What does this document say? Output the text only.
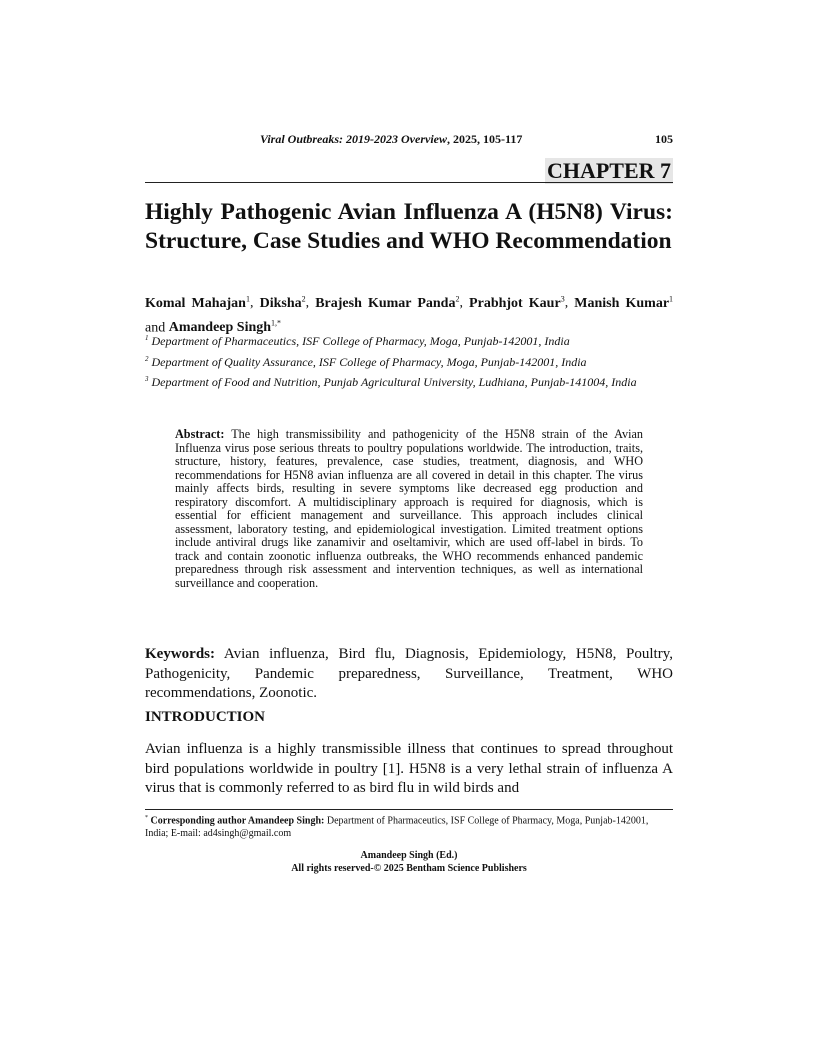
Viral Outbreaks: 2019-2023 Overview, 2025, 105-117	105
CHAPTER 7
Highly Pathogenic Avian Influenza A (H5N8) Virus: Structure, Case Studies and WHO Recommendation

Komal Mahajan$^1$, Diksha$^2$, Brajesh Kumar Panda$^2$, Prabhjot Kaur$^3$, Manish Kumar$^1$ and Amandeep Singh$^{1,*}$

$^1$ Department of Pharmaceutics, ISF College of Pharmacy, Moga, Punjab-142001, India

$^2$ Department of Quality Assurance, ISF College of Pharmacy, Moga, Punjab-142001, India

$^3$ Department of Food and Nutrition, Punjab Agricultural University, Ludhiana, Punjab-141004, India

Abstract: The high transmissibility and pathogenicity of the H5N8 strain of the Avian Influenza virus pose serious threats to poultry populations worldwide. The introduction, traits, structure, history, features, prevalence, case studies, treatment, diagnosis, and WHO recommendations for H5N8 avian influenza are all covered in detail in this chapter. The virus mainly affects birds, resulting in severe symptoms like decreased egg production and respiratory discomfort. A multidisciplinary approach is required for diagnosis, which is essential for efficient management and surveillance. This approach includes clinical assessment, laboratory testing, and epidemiological investigation. Limited treatment options include antiviral drugs like zanamivir and oseltamivir, which are used off-label in birds. To track and contain zoonotic influenza outbreaks, the WHO recommends enhanced pandemic preparedness through risk assessment and intervention techniques, as well as international surveillance and cooperation.

Keywords: Avian influenza, Bird flu, Diagnosis, Epidemiology, H5N8, Poultry, Pathogenicity, Pandemic preparedness, Surveillance, Treatment, WHO recommendations, Zoonotic.

INTRODUCTION

Avian influenza is a highly transmissible illness that continues to spread throughout bird populations worldwide in poultry [1]. H5N8 is a very lethal strain of influenza A virus that is commonly referred to as bird flu in wild birds and

* Corresponding author Amandeep Singh: Department of Pharmaceutics, ISF College of Pharmacy, Moga, Punjab-142001, India; E-mail: ad4singh@gmail.com

Amandeep Singh (Ed.)

All rights reserved-© 2025 Bentham Science Publishers
